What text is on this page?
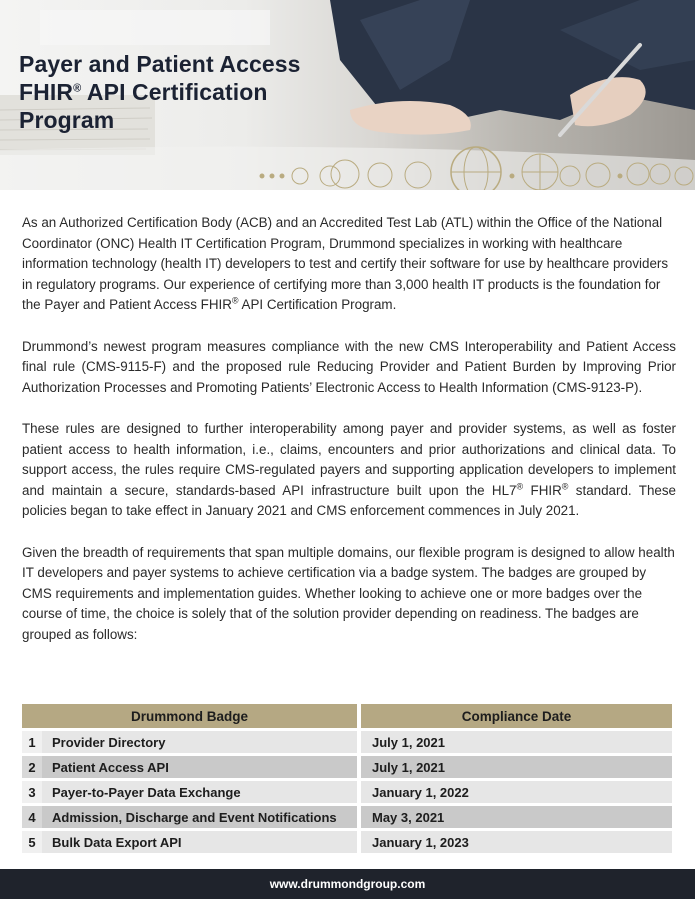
Payer and Patient Access
FHIR® API Certification
Program

As an Authorized Certification Body (ACB) and an Accredited Test Lab (ATL) within the Office of the National Coordinator (ONC) Health IT Certification Program, Drummond specializes in working with healthcare information technology (health IT) developers to test and certify their software for use by healthcare providers in regulatory programs. Our experience of certifying more than 3,000 health IT products is the foundation for the Payer and Patient Access FHIR® API Certification Program.

Drummond’s newest program measures compliance with the new CMS Interoperability and Patient Access final rule (CMS-9115-F) and the proposed rule Reducing Provider and Patient Burden by Improving Prior Authorization Processes and Promoting Patients’ Electronic Access to Health Information (CMS-9123-P).

These rules are designed to further interoperability among payer and provider systems, as well as foster patient access to health information, i.e., claims, encounters and prior authorizations and clinical data. To support access, the rules require CMS-regulated payers and supporting application developers to implement and maintain a secure, standards-based API infrastructure built upon the HL7® FHIR® standard. These policies began to take effect in January 2021 and CMS enforcement commences in July 2021.

Given the breadth of requirements that span multiple domains, our flexible program is designed to allow health IT developers and payer systems to achieve certification via a badge system. The badges are grouped by CMS requirements and implementation guides. Whether looking to achieve one or more badges over the course of time, the choice is solely that of the solution provider depending on readiness. The badges are grouped as follows:

Drummond Badge			Compliance Date
1	Provider Directory		July 1, 2021
2	Patient Access API		July 1, 2021
3	Payer-to-Payer Data Exchange		January 1, 2022
4	Admission, Discharge and Event Notifications		May 3, 2021
5	Bulk Data Export API		January 1, 2023
www.drummondgroup.com
